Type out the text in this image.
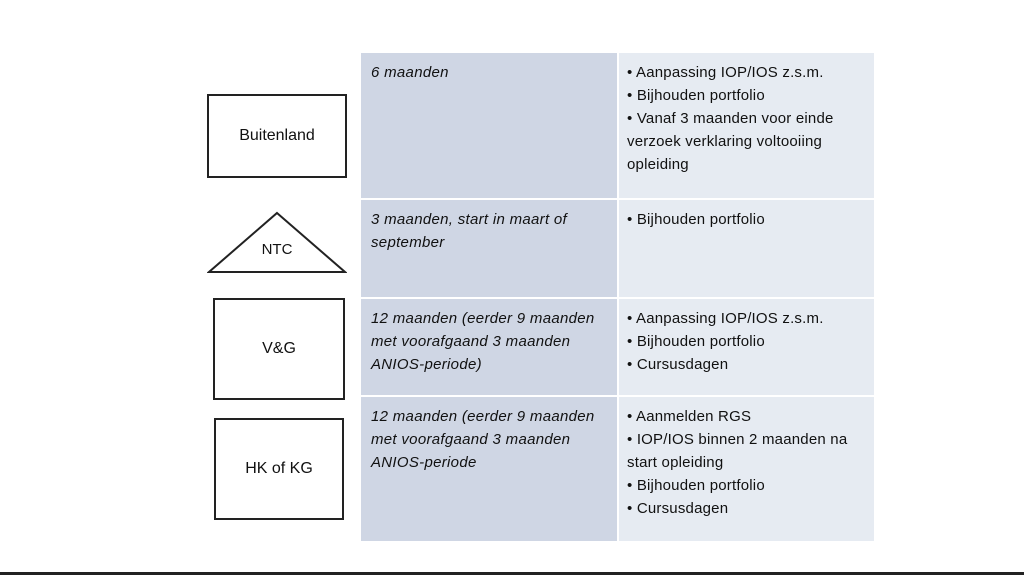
Buitenland
NTC
V&G
HK of KG
6 maanden	• Aanpassing IOP/IOS z.s.m.
• Bijhouden portfolio
• Vanaf 3 maanden voor einde verzoek verklaring voltooiing opleiding
3 maanden, start in maart of september
• Bijhouden portfolio
12 maanden (eerder 9 maanden met voorafgaand 3 maanden ANIOS-periode)
• Aanpassing IOP/IOS z.s.m.
• Bijhouden portfolio
• Cursusdagen
12 maanden (eerder 9 maanden met voorafgaand 3 maanden ANIOS-periode
• Aanmelden RGS
• IOP/IOS binnen 2 maanden na start opleiding
• Bijhouden portfolio
• Cursusdagen
